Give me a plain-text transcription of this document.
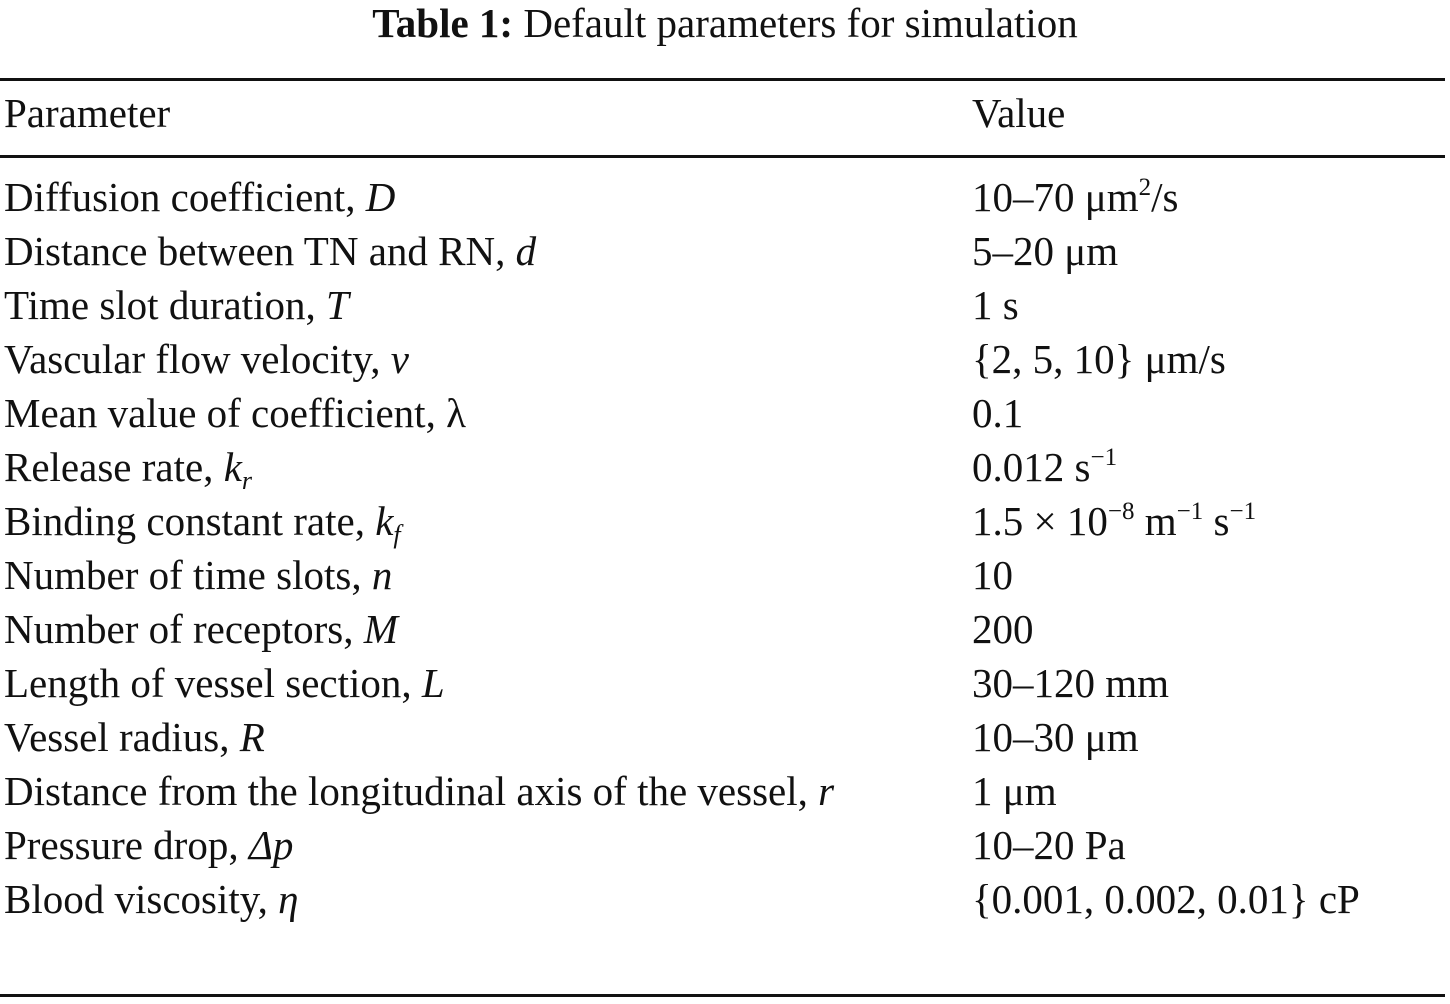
Table 1: Default parameters for simulation
Parameter	Value

Diffusion coefficient, D	10–70 $\mu m^2/s$
Distance between TN and RN, d	5–20 μm
Time slot duration, T	1 s
Vascular flow velocity, v	{2, 5, 10} μm/s
Mean value of coefficient, λ	0.1
Release rate, $k_r$	0.012 $s^{-1}$
Binding constant rate, $k_f$	$1.5 \times 10^{-8}$ $m^{-1}$ $s^{-1}$
Number of time slots, n	10
Number of receptors, M	200
Length of vessel section, L	30–120 mm
Vessel radius, R	10–30 μm

Distance from the longitudinal axis of the vessel, r	1 μm
Pressure drop, Δp	10–20 Pa
Blood viscosity, η	{0.001, 0.002, 0.01} cP
